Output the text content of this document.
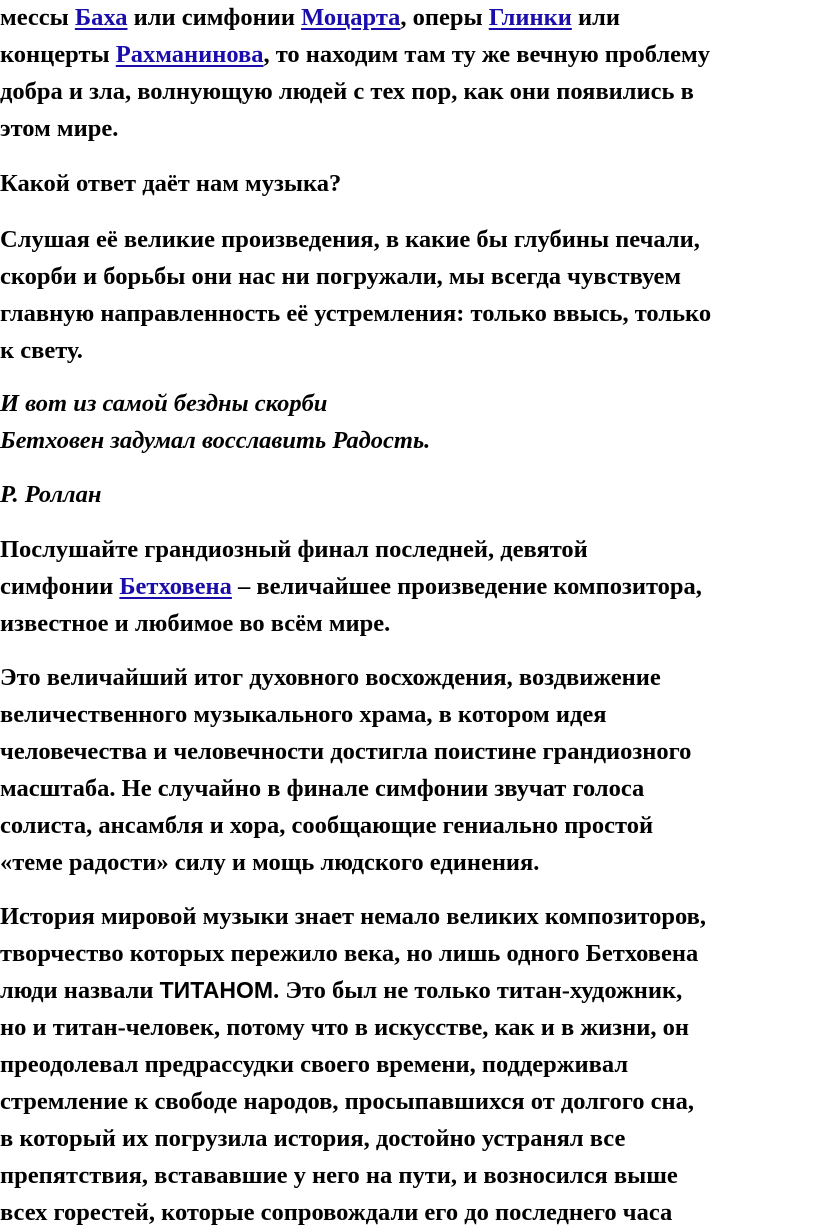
мессы Баха или симфонии Моцарта, оперы Глинки или
концерты Рахманинова, то находим там ту же вечную проблему
добра и зла, волнующую людей с тех пор, как они появились в
этом мире.
Какой ответ даёт нам музыка?
Слушая её великие произведения, в какие бы глубины печали,
скорби и борьбы они нас ни погружали, мы всегда чувствуем
главную направленность её устремления: только ввысь, только
к свету.
И вот из самой бездны скорби
Бетховен задумал восславить Радость.
Р. Роллан
Послушайте грандиозный финал последней, девятой
симфонии Бетховена – величайшее произведение композитора,
известное и любимое во всём мире.
Это величайший итог духовного восхождения, воздвижение
величественного музыкального храма, в котором идея
человечества и человечности достигла поистине грандиозного
масштаба. Не случайно в финале симфонии звучат голоса
солиста, ансамбля и хора, сообщающие гениально простой
«теме радости» силу и мощь людского единения.
История мировой музыки знает немало великих композиторов,
творчество которых пережило века, но лишь одного Бетховена
люди назвали ТИТАНОМ. Это был не только титан-художник,
но и титан-человек, потому что в искусстве, как и в жизни, он
преодолевал предрассудки своего времени, поддерживал
стремление к свободе народов, просыпавшихся от долгого сна,
в который их погрузила история, достойно устранял все
препятствия, встававшие у него на пути, и возносился выше
всех горестей, которые сопровождали его до последнего часа
